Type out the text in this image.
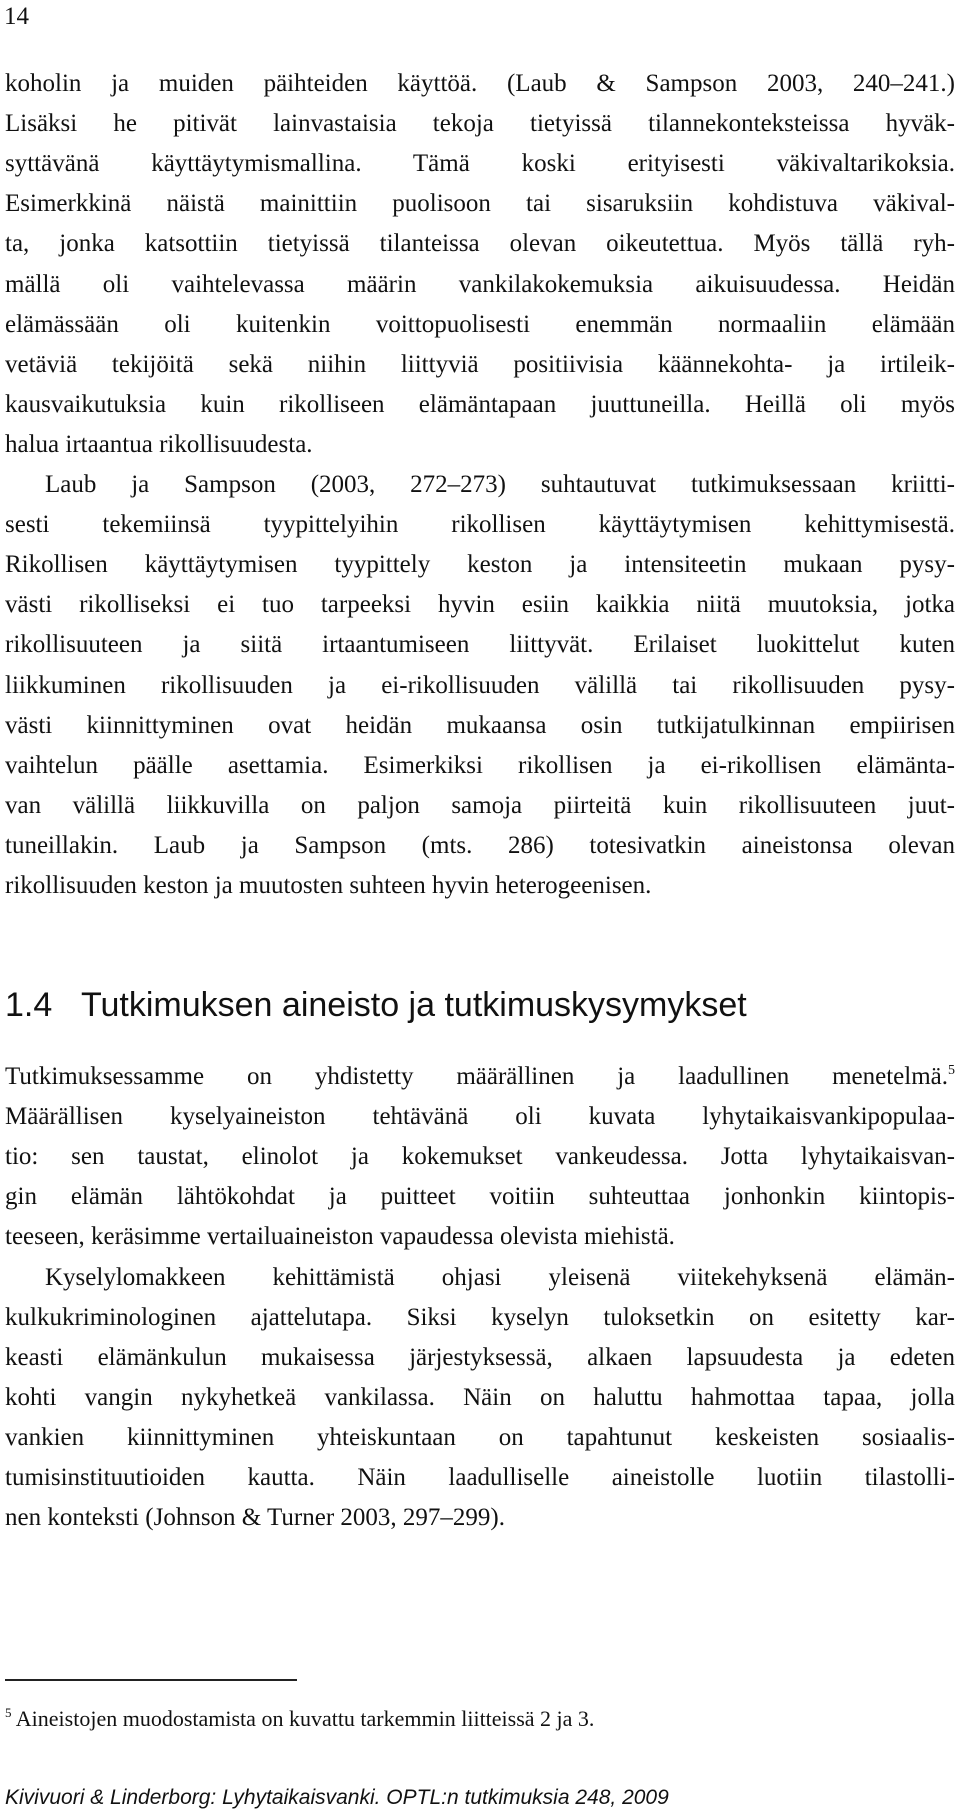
14
koholin ja muiden päihteiden käyttöä. (Laub & Sampson 2003, 240–241.)
Lisäksi he pitivät lainvastaisia tekoja tietyissä tilannekonteksteissa hyväk-
syttävänä käyttäytymismallina. Tämä koski erityisesti väkivaltarikoksia.
Esimerkkinä näistä mainittiin puolisoon tai sisaruksiin kohdistuva väkival-
ta, jonka katsottiin tietyissä tilanteissa olevan oikeutettua. Myös tällä ryh-
mällä oli vaihtelevassa määrin vankilakokemuksia aikuisuudessa. Heidän
elämässään oli kuitenkin voittopuolisesti enemmän normaaliin elämään
vetäviä tekijöitä sekä niihin liittyviä positiivisia käännekohta- ja irtileik-
kausvaikutuksia kuin rikolliseen elämäntapaan juuttuneilla. Heillä oli myös
halua irtaantua rikollisuudesta.
Laub ja Sampson (2003, 272–273) suhtautuvat tutkimuksessaan kriitti-
sesti tekemiinsä tyypittelyihin rikollisen käyttäytymisen kehittymisestä.
Rikollisen käyttäytymisen tyypittely keston ja intensiteetin mukaan pysy-
västi rikolliseksi ei tuo tarpeeksi hyvin esiin kaikkia niitä muutoksia, jotka
rikollisuuteen ja siitä irtaantumiseen liittyvät. Erilaiset luokittelut kuten
liikkuminen rikollisuuden ja ei-rikollisuuden välillä tai rikollisuuden pysy-
västi kiinnittyminen ovat heidän mukaansa osin tutkijatulkinnan empiirisen
vaihtelun päälle asettamia. Esimerkiksi rikollisen ja ei-rikollisen elämänta-
van välillä liikkuvilla on paljon samoja piirteitä kuin rikollisuuteen juut-
tuneillakin. Laub ja Sampson (mts. 286) totesivatkin aineistonsa olevan
rikollisuuden keston ja muutosten suhteen hyvin heterogeenisen.
1.4 Tutkimuksen aineisto ja tutkimuskysymykset
Tutkimuksessamme on yhdistetty määrällinen ja laadullinen menetelmä.$^5$
Määrällisen kyselyaineiston tehtävänä oli kuvata lyhytaikaisvankipopulaa-
tio: sen taustat, elinolot ja kokemukset vankeudessa. Jotta lyhytaikaisvan-
gin elämän lähtökohdat ja puitteet voitiin suhteuttaa jonhonkin kiintopis-
teeseen, keräsimme vertailuaineiston vapaudessa olevista miehistä.
Kyselylomakkeen kehittämistä ohjasi yleisenä viitekehyksenä elämän-
kulkukriminologinen ajattelutapa. Siksi kyselyn tuloksetkin on esitetty kar-
keasti elämänkulun mukaisessa järjestyksessä, alkaen lapsuudesta ja edeten
kohti vangin nykyhetkeä vankilassa. Näin on haluttu hahmottaa tapaa, jolla
vankien kiinnittyminen yhteiskuntaan on tapahtunut keskeisten sosiaalis-
tumisinstituutioiden kautta. Näin laadulliselle aineistolle luotiin tilastolli-
nen konteksti (Johnson & Turner 2003, 297–299).
$^5$ Aineistojen muodostamista on kuvattu tarkemmin liitteissä 2 ja 3.
Kivivuori & Linderborg: Lyhytaikaisvanki. OPTL:n tutkimuksia 248, 2009
